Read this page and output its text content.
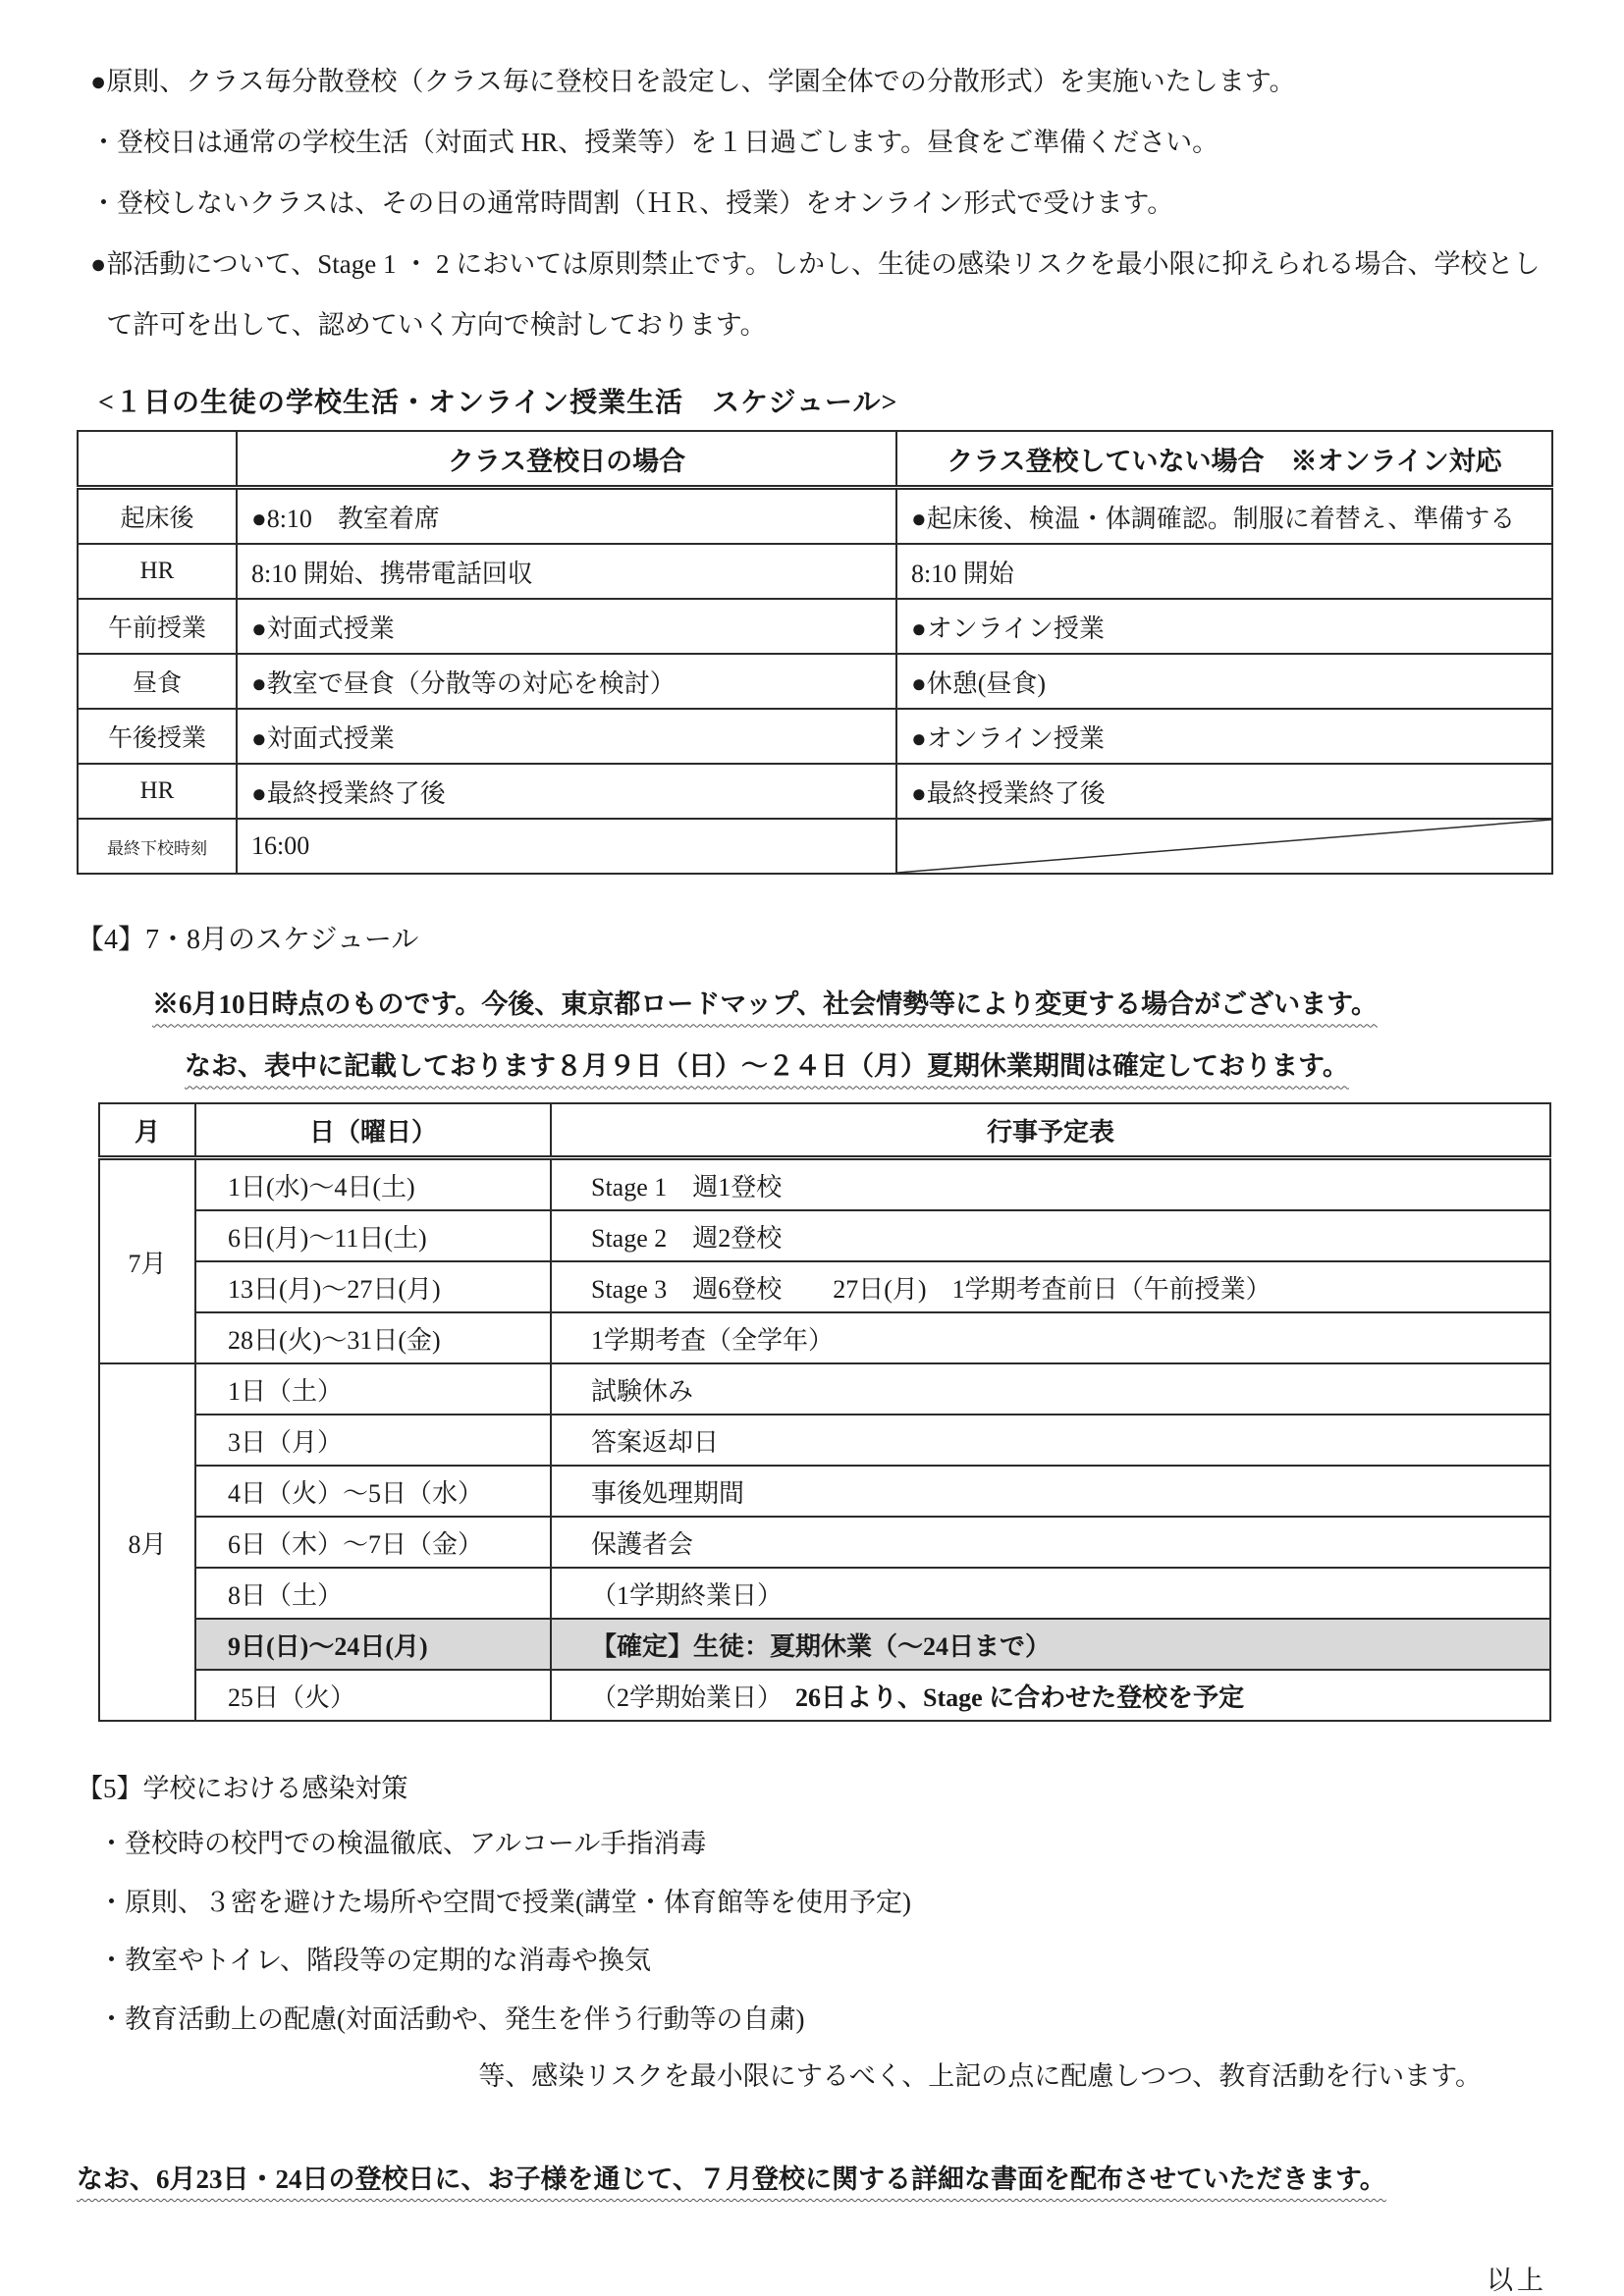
● 原則、クラス毎分散登校（クラス毎に登校日を設定し、学園全体での分散形式）を実施いたします。
・ 登校日は通常の学校生活（対面式 HR、授業等）を１日過ごします。昼食をご準備ください。
・ 登校しないクラスは、その日の通常時間割（ＨＲ、授業）をオンライン形式で受けます。
● 部活動について、Stage 1 ・ 2 においては原則禁止です。しかし、生徒の感染リスクを最小限に抑えられる場合、学校として許可を出して、認めていく方向で検討しております。
<１日の生徒の学校生活・オンライン授業生活　スケジュール>
	クラス登校日の場合	クラス登校していない場合　※オンライン対応
起床後	●8:10　教室着席	●起床後、検温・体調確認。制服に着替え、準備する
HR	8:10 開始、携帯電話回収	8:10 開始
午前授業	●対面式授業	●オンライン授業
昼食	●教室で昼食（分散等の対応を検討）	●休憩(昼食)
午後授業	●対面式授業	●オンライン授業
HR	●最終授業終了後	●最終授業終了後
最終下校時刻	16:00	
【4】7・8月のスケジュール
※6月10日時点のものです。今後、東京都ロードマップ、社会情勢等により変更する場合がございます。
なお、表中に記載しております８月９日（日）～２４日（月）夏期休業期間は確定しております。
月	日（曜日）	行事予定表
7月	1日(水)～4日(土)	Stage 1　週1登校
	6日(月)～11日(土)	Stage 2　週2登校
	13日(月)～27日(月)	Stage 3　週6登校　　27日(月)　1学期考査前日（午前授業）
	28日(火)～31日(金)	1学期考査（全学年）
8月	1日（土）	試験休み
	3日（月）	答案返却日
	4日（火）～5日（水）	事後処理期間
	6日（木）～7日（金）	保護者会
	8日（土）	（1学期終業日）
	9日(日)～24日(月)	【確定】生徒：夏期休業（～24日まで）
	25日（火）	（2学期始業日）　26日より、Stage に合わせた登校を予定
【5】学校における感染対策
・登校時の校門での検温徹底、アルコール手指消毒
・原則、３密を避けた場所や空間で授業(講堂・体育館等を使用予定)
・教室やトイレ、階段等の定期的な消毒や換気
・教育活動上の配慮(対面活動や、発生を伴う行動等の自粛)
等、感染リスクを最小限にするべく、上記の点に配慮しつつ、教育活動を行います。
なお、6月23日・24日の登校日に、お子様を通じて、７月登校に関する詳細な書面を配布させていただきます。
以上
